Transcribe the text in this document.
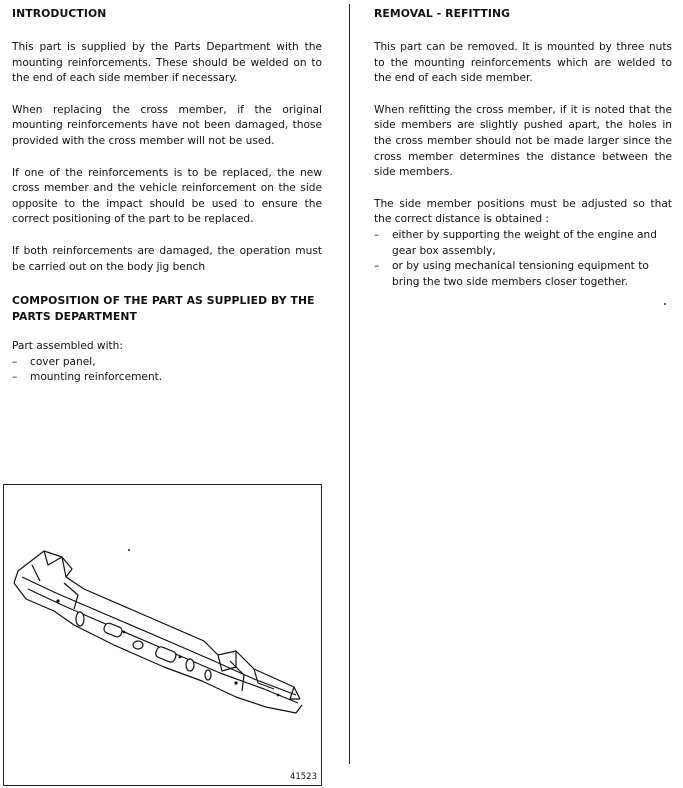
INTRODUCTION

This part is supplied by the Parts Department with the mounting reinforcements. These should be welded on to the end of each side member if necessary.

When replacing the cross member, if the original mounting reinforcements have not been damaged, those provided with the cross member will not be used.

If one of the reinforcements is to be replaced, the new cross member and the vehicle reinforcement on the side opposite to the impact should be used to ensure the correct positioning of the part to be replaced.

If both reinforcements are damaged, the operation must be carried out on the body jig bench

COMPOSITION OF THE PART AS SUPPLIED BY THE PARTS DEPARTMENT
Part assembled with:
– cover panel,
– mounting reinforcement.
41523
REMOVAL - REFITTING

This part can be removed. It is mounted by three nuts to the mounting reinforcements which are welded to the end of each side member.

When refitting the cross member, if it is noted that the side members are slightly pushed apart, the holes in the cross member should not be made larger since the cross member determines the distance between the side members.

The side member positions must be adjusted so that the correct distance is obtained :
– either by supporting the weight of the engine and gear box assembly,
– or by using mechanical tensioning equipment to bring the two side members closer together.
